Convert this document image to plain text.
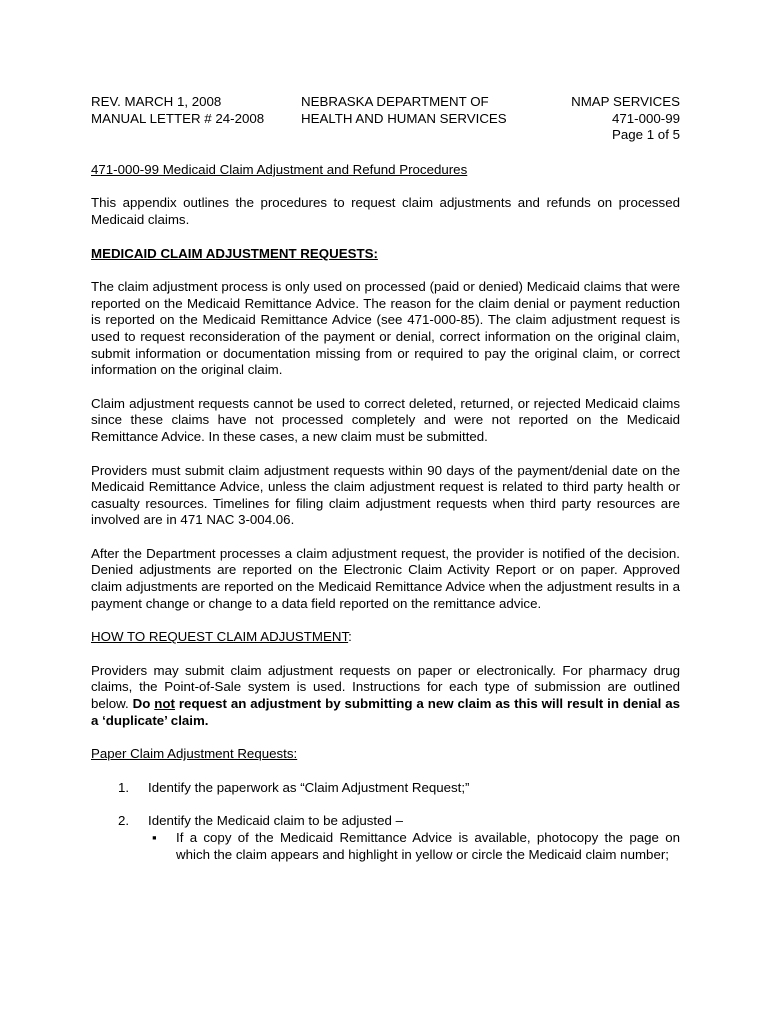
REV. MARCH 1, 2008
MANUAL LETTER # 24-2008
NEBRASKA DEPARTMENT OF
HEALTH AND HUMAN SERVICES
NMAP SERVICES
471-000-99
Page 1 of 5
471-000-99 Medicaid Claim Adjustment and Refund Procedures

This appendix outlines the procedures to request claim adjustments and refunds on processed Medicaid claims.

MEDICAID CLAIM ADJUSTMENT REQUESTS:

The claim adjustment process is only used on processed (paid or denied) Medicaid claims that were reported on the Medicaid Remittance Advice. The reason for the claim denial or payment reduction is reported on the Medicaid Remittance Advice (see 471-000-85). The claim adjustment request is used to request reconsideration of the payment or denial, correct information on the original claim, submit information or documentation missing from or required to pay the original claim, or correct information on the original claim.

Claim adjustment requests cannot be used to correct deleted, returned, or rejected Medicaid claims since these claims have not processed completely and were not reported on the Medicaid Remittance Advice. In these cases, a new claim must be submitted.

Providers must submit claim adjustment requests within 90 days of the payment/denial date on the Medicaid Remittance Advice, unless the claim adjustment request is related to third party health or casualty resources. Timelines for filing claim adjustment requests when third party resources are involved are in 471 NAC 3-004.06.

After the Department processes a claim adjustment request, the provider is notified of the decision. Denied adjustments are reported on the Electronic Claim Activity Report or on paper. Approved claim adjustments are reported on the Medicaid Remittance Advice when the adjustment results in a payment change or change to a data field reported on the remittance advice.

HOW TO REQUEST CLAIM ADJUSTMENT:

Providers may submit claim adjustment requests on paper or electronically. For pharmacy drug claims, the Point-of-Sale system is used. Instructions for each type of submission are outlined below. Do not request an adjustment by submitting a new claim as this will result in denial as a ‘duplicate’ claim.

Paper Claim Adjustment Requests:

1.	Identify the paperwork as “Claim Adjustment Request;”
2.	Identify the Medicaid claim to be adjusted –
▪	If a copy of the Medicaid Remittance Advice is available, photocopy the page on which the claim appears and highlight in yellow or circle the Medicaid claim number;
